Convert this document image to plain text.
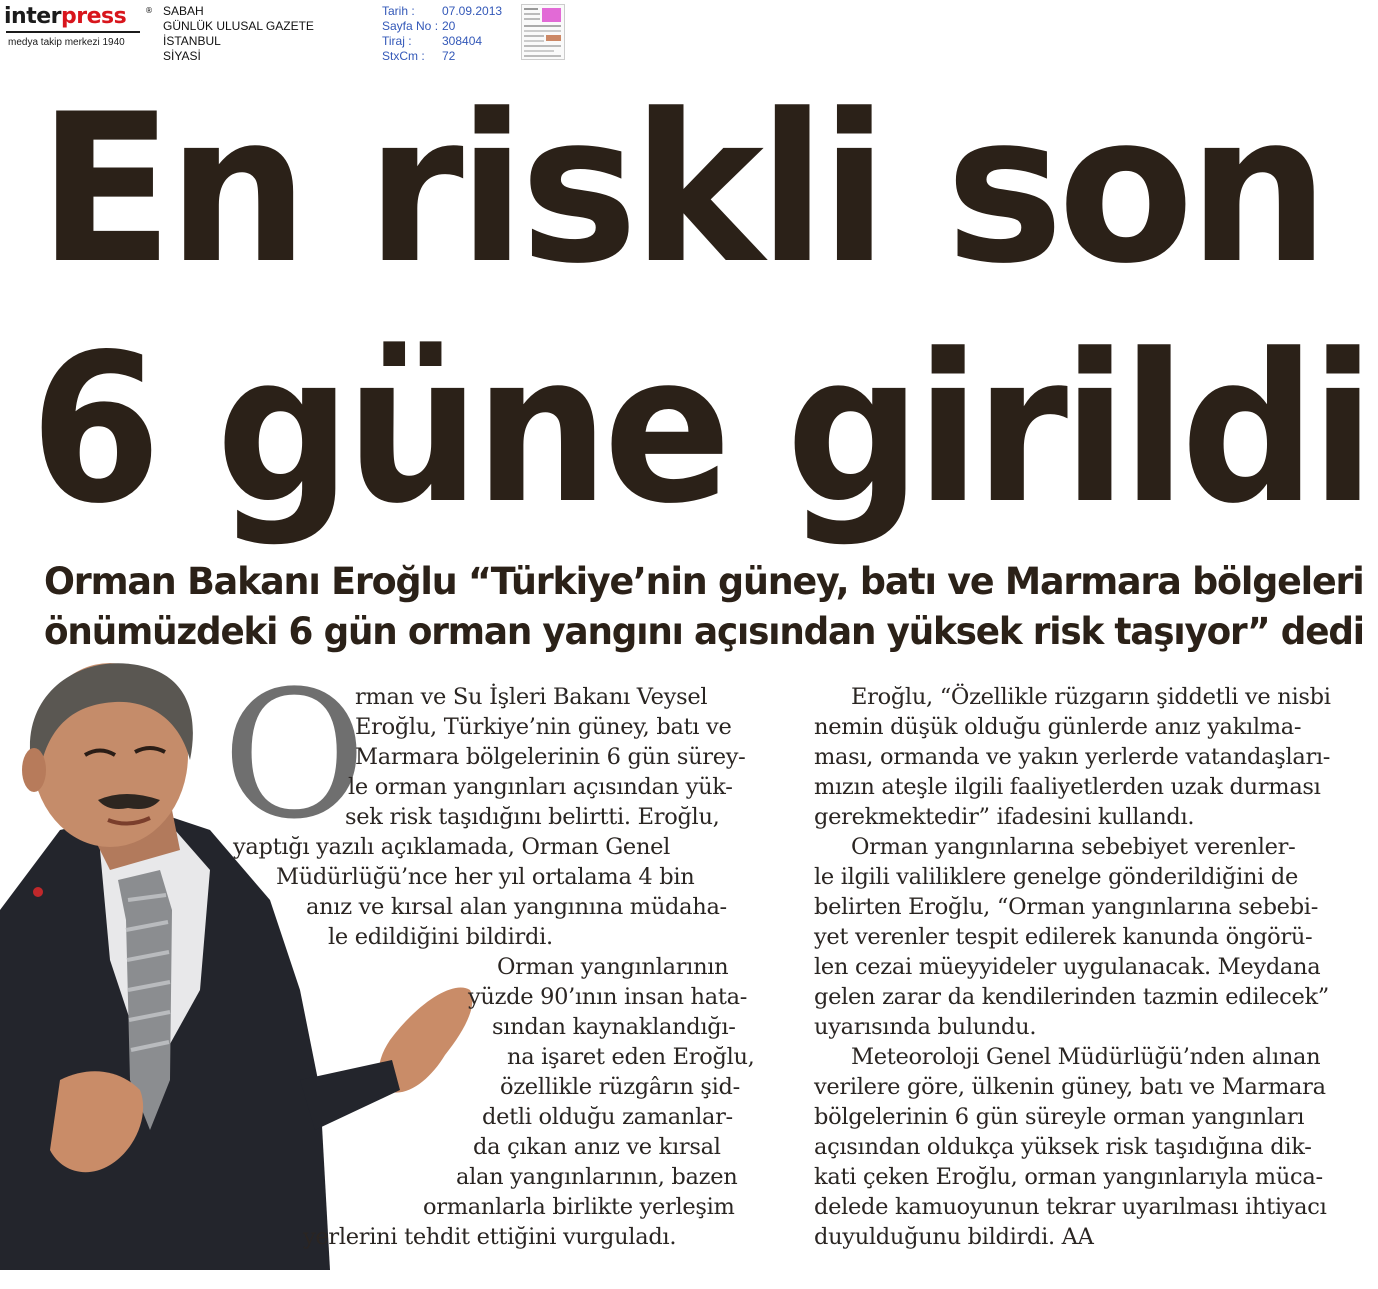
interpress ®
medya takip merkezi 1940
SABAH
GÜNLÜK ULUSAL GAZETE
İSTANBUL
SİYASİ
Tarih : 07.09.2013
Sayfa No : 20
Tiraj :	308404
StxCm : 72
En riskli son
6 güne girildi
Orman Bakanı Eroğlu “Türkiye’nin güney, batı ve Marmara bölgeleri
önümüzdeki 6 gün orman yangını açısından yüksek risk taşıyor” dedi
O
rman ve Su İşleri Bakanı Veysel
Eroğlu, Türkiye’nin güney, batı ve
Marmara bölgelerinin 6 gün sürey-
le orman yangınları açısından yük-
sek risk taşıdığını belirtti. Eroğlu,
yaptığı yazılı açıklamada, Orman Genel
Müdürlüğü’nce her yıl ortalama 4 bin
anız ve kırsal alan yangınına müdaha-
le edildiğini bildirdi.
Orman yangınlarının
yüzde 90’ının insan hata-
sından kaynaklandığı-
na işaret eden Eroğlu,
özellikle rüzgârın şid-
detli olduğu zamanlar-
da çıkan anız ve kırsal
alan yangınlarının, bazen
ormanlarla birlikte yerleşim
yerlerini tehdit ettiğini vurguladı.
Eroğlu, “Özellikle rüzgarın şiddetli ve nisbi
nemin düşük olduğu günlerde anız yakılma-
ması, ormanda ve yakın yerlerde vatandaşları-
mızın ateşle ilgili faaliyetlerden uzak durması
gerekmektedir” ifadesini kullandı.
Orman yangınlarına sebebiyet verenler-
le ilgili valiliklere genelge gönderildiğini de
belirten Eroğlu, “Orman yangınlarına sebebi-
yet verenler tespit edilerek kanunda öngörü-
len cezai müeyyideler uygulanacak. Meydana
gelen zarar da kendilerinden tazmin edilecek”
uyarısında bulundu.
Meteoroloji Genel Müdürlüğü’nden alınan
verilere göre, ülkenin güney, batı ve Marmara
bölgelerinin 6 gün süreyle orman yangınları
açısından oldukça yüksek risk taşıdığına dik-
kati çeken Eroğlu, orman yangınlarıyla müca-
delede kamuoyunun tekrar uyarılması ihtiyacı
duyulduğunu bildirdi. AA
